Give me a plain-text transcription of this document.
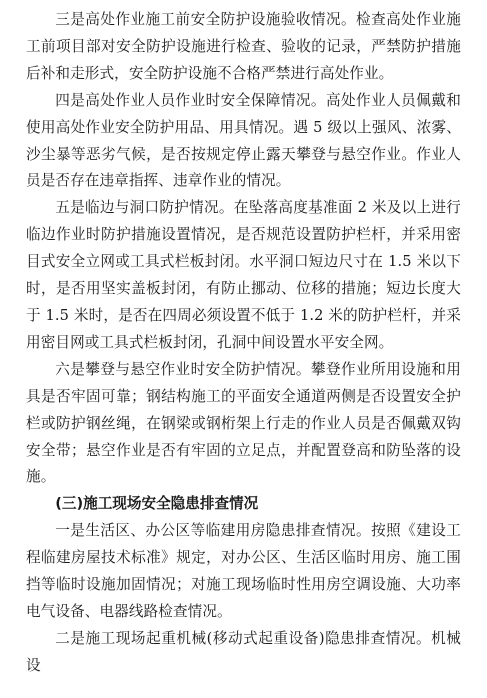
三是高处作业施工前安全防护设施验收情况。检查高处作业施工前项目部对安全防护设施进行检查、验收的记录，严禁防护措施后补和走形式，安全防护设施不合格严禁进行高处作业。

四是高处作业人员作业时安全保障情况。高处作业人员佩戴和使用高处作业安全防护用品、用具情况。遇 5 级以上强风、浓雾、沙尘暴等恶劣气候，是否按规定停止露天攀登与悬空作业。作业人员是否存在违章指挥、违章作业的情况。

五是临边与洞口防护情况。在坠落高度基准面 2 米及以上进行临边作业时防护措施设置情况，是否规范设置防护栏杆，并采用密目式安全立网或工具式栏板封闭。水平洞口短边尺寸在 1.5 米以下时，是否用坚实盖板封闭，有防止挪动、位移的措施；短边长度大于 1.5 米时，是否在四周必须设置不低于 1.2 米的防护栏杆，并采用密目网或工具式栏板封闭，孔洞中间设置水平安全网。

六是攀登与悬空作业时安全防护情况。攀登作业所用设施和用具是否牢固可靠；钢结构施工的平面安全通道两侧是否设置安全护栏或防护钢丝绳，在钢梁或钢桁架上行走的作业人员是否佩戴双钩安全带；悬空作业是否有牢固的立足点，并配置登高和防坠落的设施。

(三)施工现场安全隐患排查情况

一是生活区、办公区等临建用房隐患排查情况。按照《建设工程临建房屋技术标准》规定，对办公区、生活区临时用房、施工围挡等临时设施加固情况；对施工现场临时性用房空调设施、大功率电气设备、电器线路检查情况。

二是施工现场起重机械(移动式起重设备)隐患排查情况。机械设
